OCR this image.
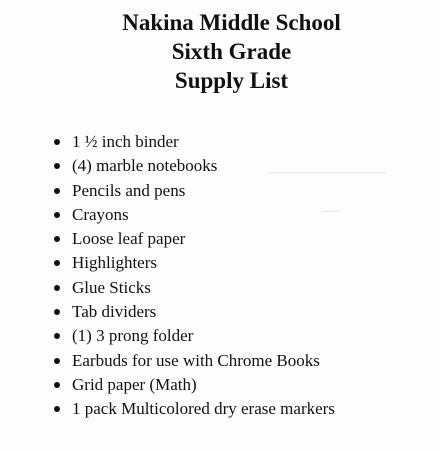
Nakina Middle School
Sixth Grade
Supply List
1 ½ inch binder
(4) marble notebooks
Pencils and pens
Crayons
Loose leaf paper
Highlighters
Glue Sticks
Tab dividers
(1) 3 prong folder
Earbuds for use with Chrome Books
Grid paper (Math)
1 pack Multicolored dry erase markers
